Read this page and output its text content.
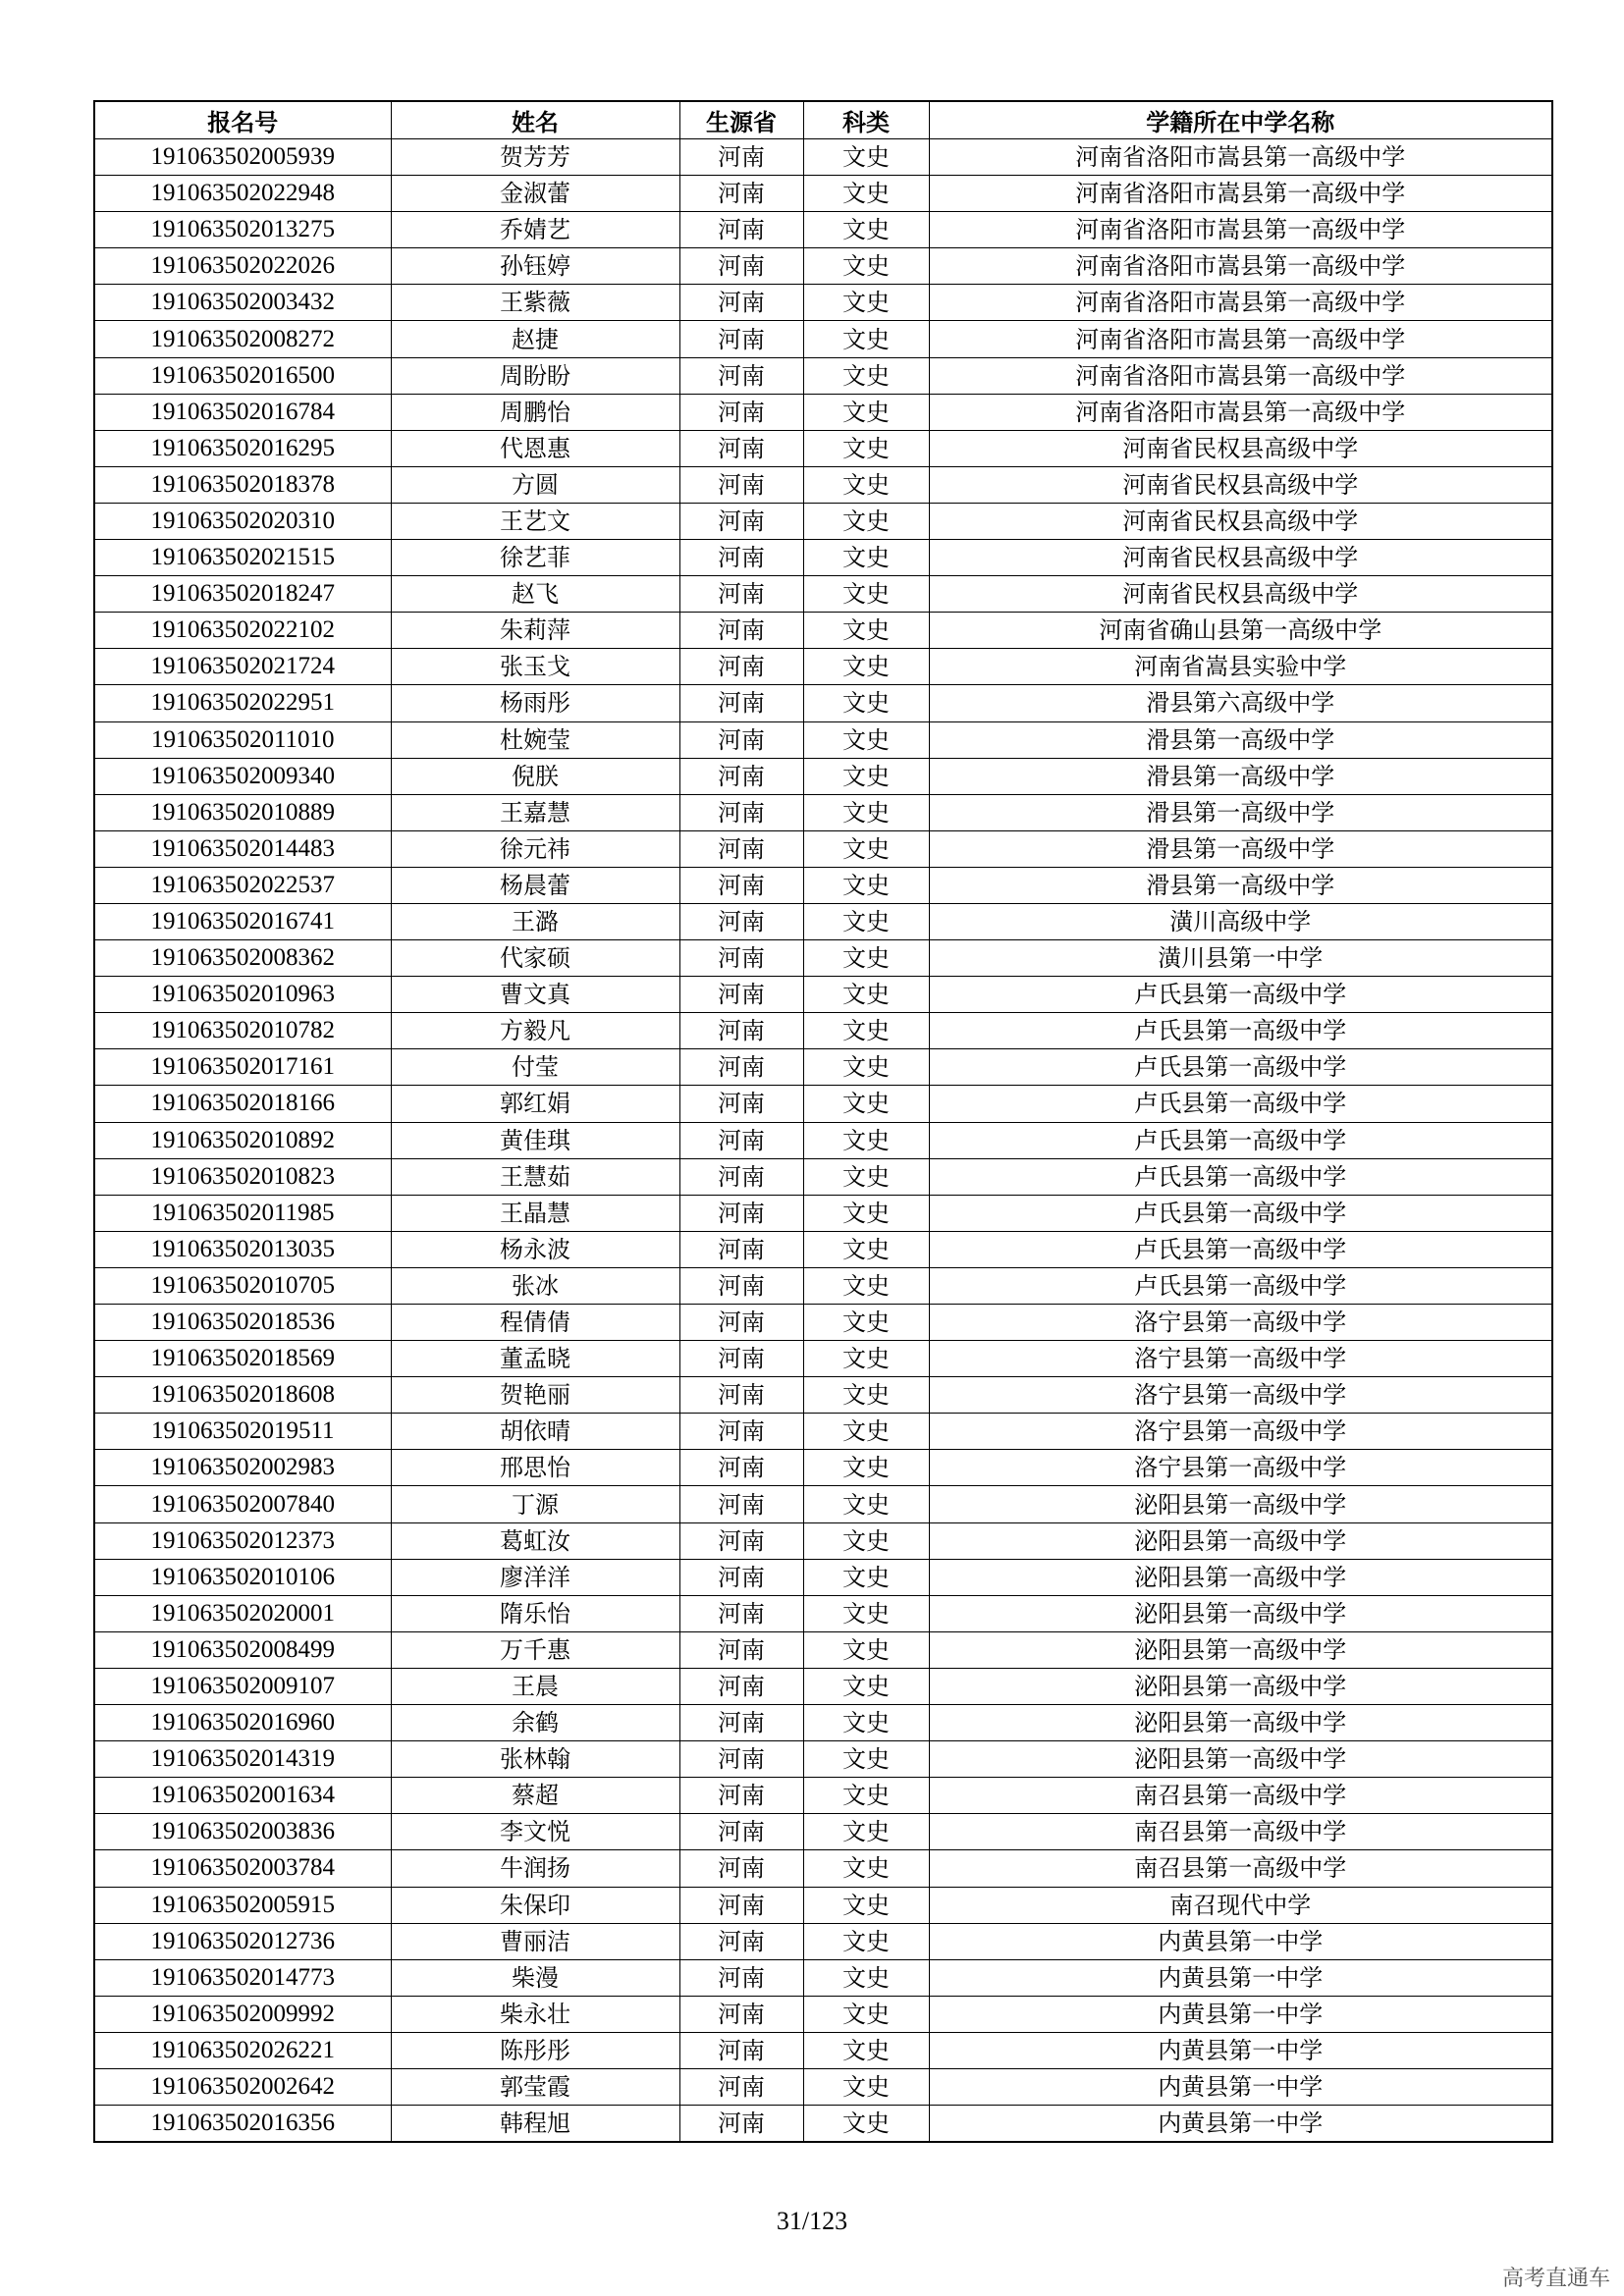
报名号	姓名	生源省	科类	学籍所在中学名称
191063502005939	贺芳芳	河南	文史	河南省洛阳市嵩县第一高级中学
191063502022948	金淑蕾	河南	文史	河南省洛阳市嵩县第一高级中学
191063502013275	乔婧艺	河南	文史	河南省洛阳市嵩县第一高级中学
191063502022026	孙钰婷	河南	文史	河南省洛阳市嵩县第一高级中学
191063502003432	王紫薇	河南	文史	河南省洛阳市嵩县第一高级中学
191063502008272	赵捷	河南	文史	河南省洛阳市嵩县第一高级中学
191063502016500	周盼盼	河南	文史	河南省洛阳市嵩县第一高级中学
191063502016784	周鹏怡	河南	文史	河南省洛阳市嵩县第一高级中学
191063502016295	代恩惠	河南	文史	河南省民权县高级中学
191063502018378	方圆	河南	文史	河南省民权县高级中学
191063502020310	王艺文	河南	文史	河南省民权县高级中学
191063502021515	徐艺菲	河南	文史	河南省民权县高级中学
191063502018247	赵飞	河南	文史	河南省民权县高级中学
191063502022102	朱莉萍	河南	文史	河南省确山县第一高级中学
191063502021724	张玉戈	河南	文史	河南省嵩县实验中学
191063502022951	杨雨彤	河南	文史	滑县第六高级中学
191063502011010	杜婉莹	河南	文史	滑县第一高级中学
191063502009340	倪朕	河南	文史	滑县第一高级中学
191063502010889	王嘉慧	河南	文史	滑县第一高级中学
191063502014483	徐元祎	河南	文史	滑县第一高级中学
191063502022537	杨晨蕾	河南	文史	滑县第一高级中学
191063502016741	王潞	河南	文史	潢川高级中学
191063502008362	代家硕	河南	文史	潢川县第一中学
191063502010963	曹文真	河南	文史	卢氏县第一高级中学
191063502010782	方毅凡	河南	文史	卢氏县第一高级中学
191063502017161	付莹	河南	文史	卢氏县第一高级中学
191063502018166	郭红娟	河南	文史	卢氏县第一高级中学
191063502010892	黄佳琪	河南	文史	卢氏县第一高级中学
191063502010823	王慧茹	河南	文史	卢氏县第一高级中学
191063502011985	王晶慧	河南	文史	卢氏县第一高级中学
191063502013035	杨永波	河南	文史	卢氏县第一高级中学
191063502010705	张冰	河南	文史	卢氏县第一高级中学
191063502018536	程倩倩	河南	文史	洛宁县第一高级中学
191063502018569	董孟晓	河南	文史	洛宁县第一高级中学
191063502018608	贺艳丽	河南	文史	洛宁县第一高级中学
191063502019511	胡依晴	河南	文史	洛宁县第一高级中学
191063502002983	邢思怡	河南	文史	洛宁县第一高级中学
191063502007840	丁源	河南	文史	泌阳县第一高级中学
191063502012373	葛虹汝	河南	文史	泌阳县第一高级中学
191063502010106	廖洋洋	河南	文史	泌阳县第一高级中学
191063502020001	隋乐怡	河南	文史	泌阳县第一高级中学
191063502008499	万千惠	河南	文史	泌阳县第一高级中学
191063502009107	王晨	河南	文史	泌阳县第一高级中学
191063502016960	余鹤	河南	文史	泌阳县第一高级中学
191063502014319	张林翰	河南	文史	泌阳县第一高级中学
191063502001634	蔡超	河南	文史	南召县第一高级中学
191063502003836	李文悦	河南	文史	南召县第一高级中学
191063502003784	牛润扬	河南	文史	南召县第一高级中学
191063502005915	朱保印	河南	文史	南召现代中学
191063502012736	曹丽洁	河南	文史	内黄县第一中学
191063502014773	柴漫	河南	文史	内黄县第一中学
191063502009992	柴永壮	河南	文史	内黄县第一中学
191063502026221	陈彤彤	河南	文史	内黄县第一中学
191063502002642	郭莹霞	河南	文史	内黄县第一中学
191063502016356	韩程旭	河南	文史	内黄县第一中学
31/123
高考直通车
